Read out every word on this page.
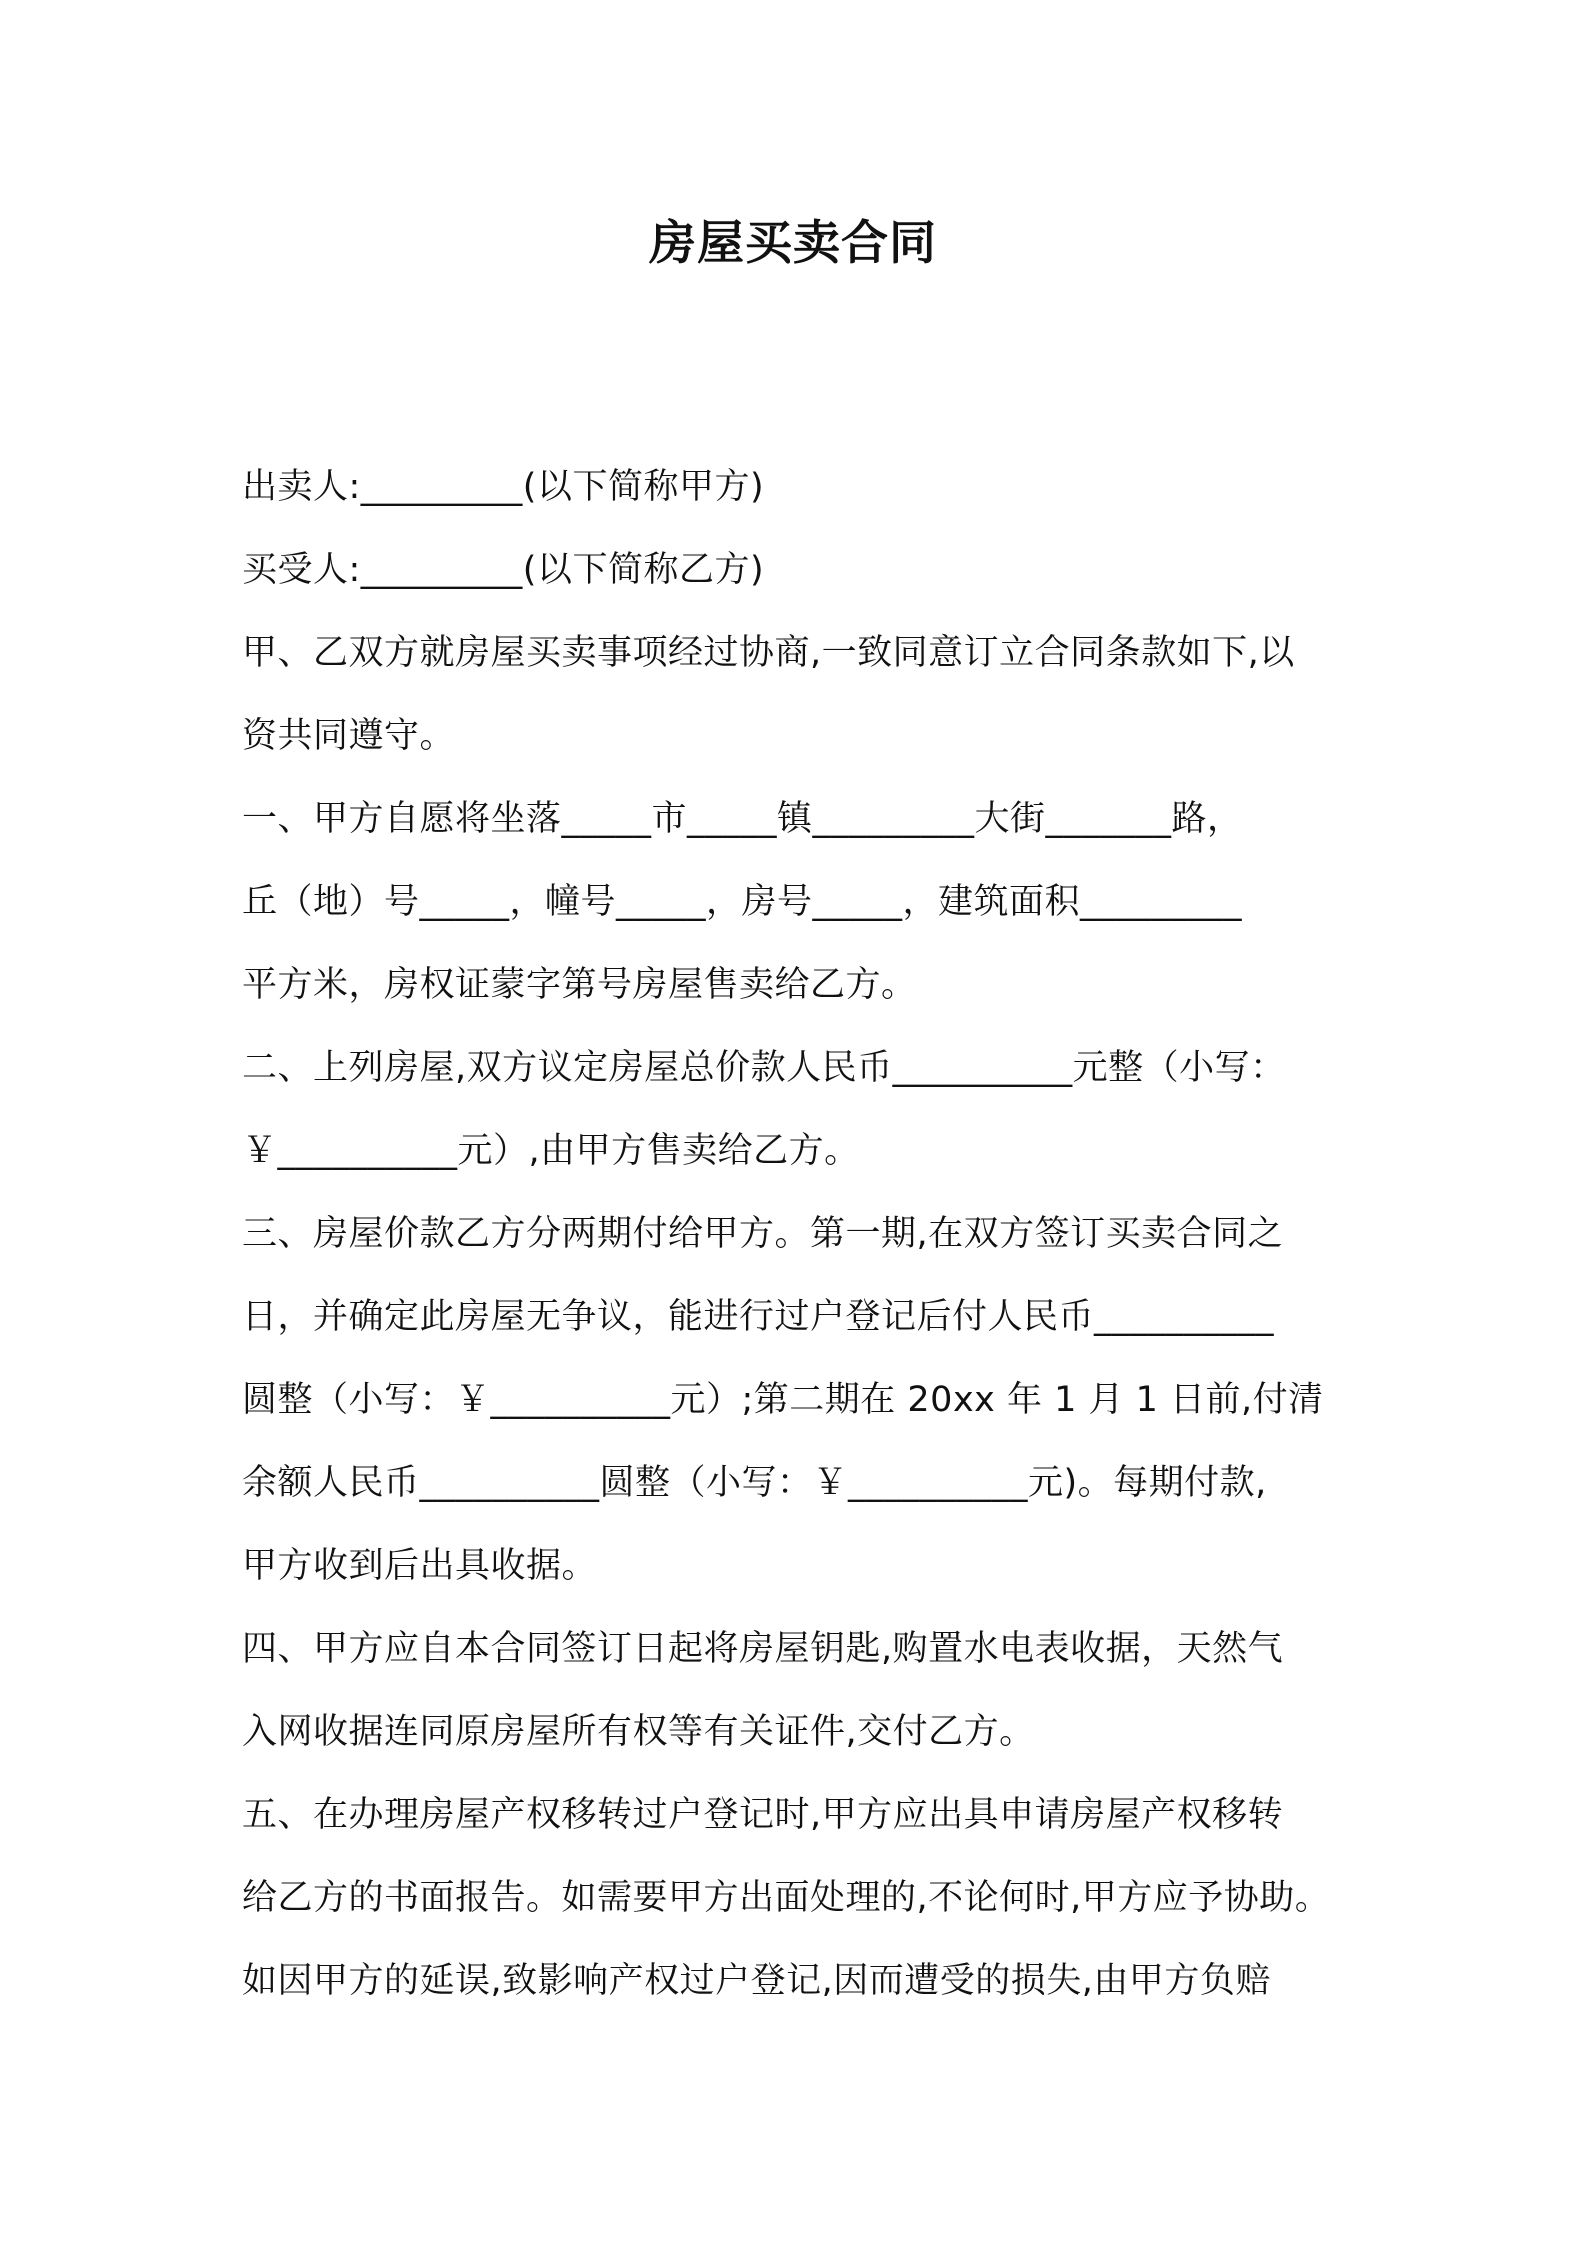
房屋买卖合同
出卖人:_________(以下简称甲方)
买受人:_________(以下简称乙方)
甲、乙双方就房屋买卖事项经过协商,一致同意订立合同条款如下,以
资共同遵守。
一、甲方自愿将坐落_____市_____镇_________大街_______路，
丘（地）号_____，幢号_____，房号_____，建筑面积_________
平方米，房权证蒙字第号房屋售卖给乙方。
二、上列房屋,双方议定房屋总价款人民币__________元整（小写：
￥__________元）,由甲方售卖给乙方。
三、房屋价款乙方分两期付给甲方。第一期,在双方签订买卖合同之
日，并确定此房屋无争议，能进行过户登记后付人民币__________
圆整（小写：￥__________元）;第二期在 20xx 年 1 月 1 日前,付清
余额人民币__________圆整（小写：￥__________元)。每期付款,
甲方收到后出具收据。
四、甲方应自本合同签订日起将房屋钥匙,购置水电表收据，天然气
入网收据连同原房屋所有权等有关证件,交付乙方。
五、在办理房屋产权移转过户登记时,甲方应出具申请房屋产权移转
给乙方的书面报告。如需要甲方出面处理的,不论何时,甲方应予协助。
如因甲方的延误,致影响产权过户登记,因而遭受的损失,由甲方负赔
